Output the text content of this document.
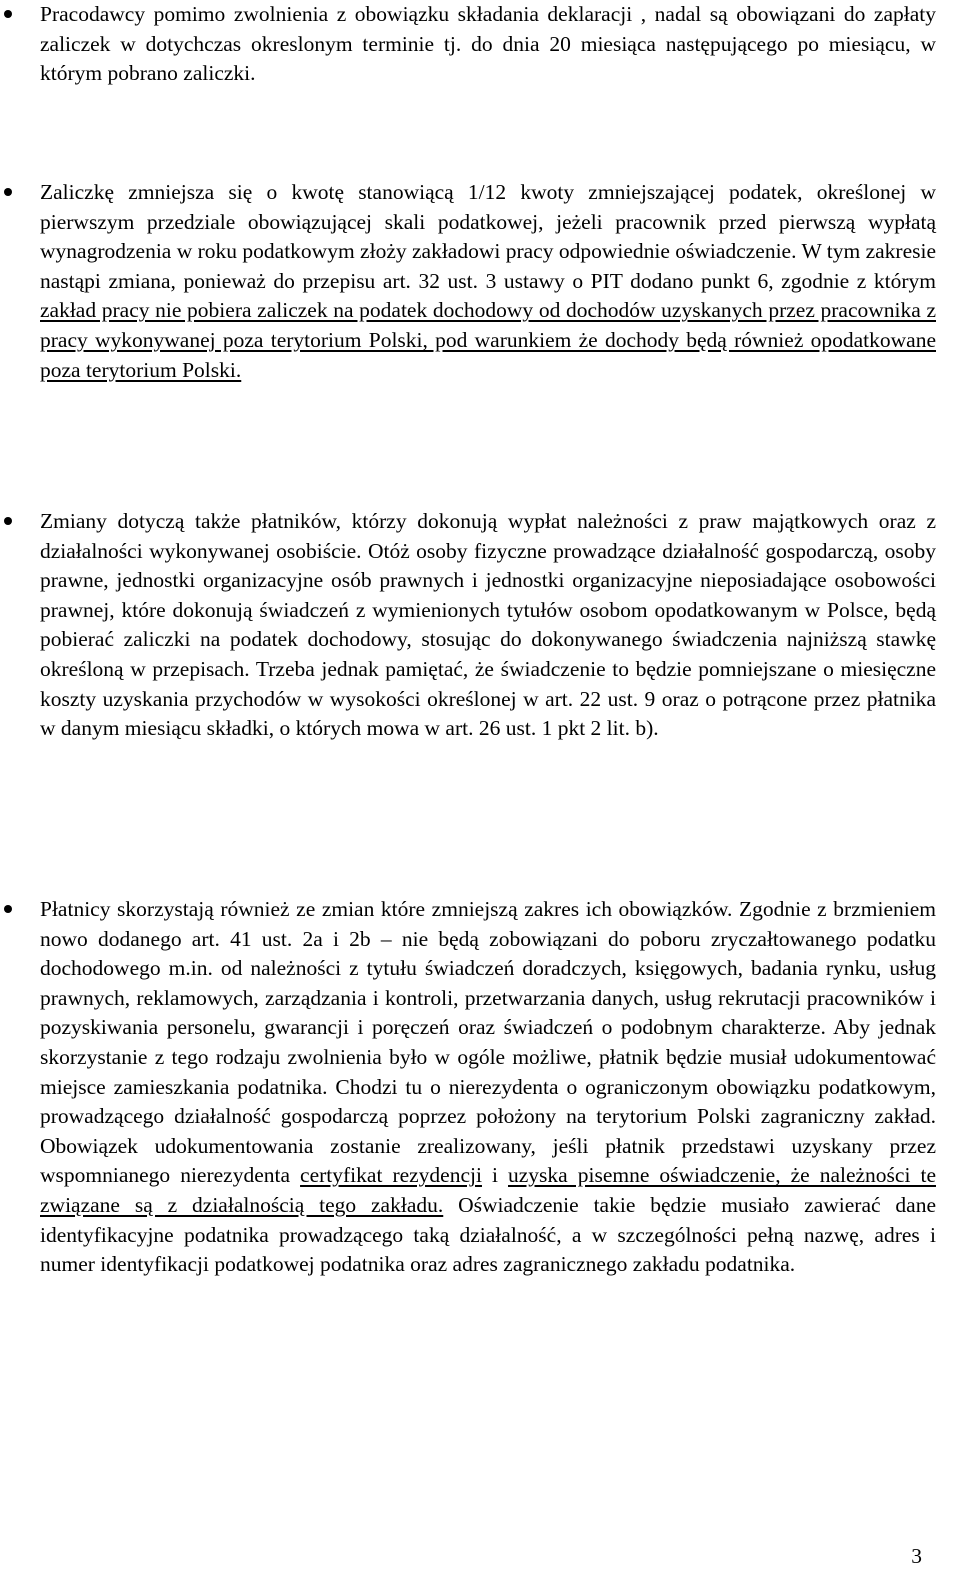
Pracodawcy pomimo zwolnienia z obowiązku składania deklaracji , nadal są obowiązani do zapłaty zaliczek w dotychczas okreslonym terminie tj. do dnia 20 miesiąca następującego po miesiącu, w którym pobrano zaliczki.

Zaliczkę zmniejsza się o kwotę stanowiącą 1/12 kwoty zmniejszającej podatek, określonej w pierwszym przedziale obowiązującej skali podatkowej, jeżeli pracownik przed pierwszą wypłatą wynagrodzenia w roku podatkowym złoży zakładowi pracy odpowiednie oświadczenie. W tym zakresie nastąpi zmiana, ponieważ do przepisu art. 32 ust. 3 ustawy o PIT dodano punkt 6, zgodnie z którym zakład pracy nie pobiera zaliczek na podatek dochodowy od dochodów uzyskanych przez pracownika z pracy wykonywanej poza terytorium Polski, pod warunkiem że dochody będą również opodatkowane poza terytorium Polski.

Zmiany dotyczą także płatników, którzy dokonują wypłat należności z praw majątkowych oraz z działalności wykonywanej osobiście. Otóż osoby fizyczne prowadzące działalność gospodarczą, osoby prawne, jednostki organizacyjne osób prawnych i jednostki organizacyjne nieposiadające osobowości prawnej, które dokonują świadczeń z wymienionych tytułów osobom opodatkowanym w Polsce, będą pobierać zaliczki na podatek dochodowy, stosując do dokonywanego świadczenia najniższą stawkę określoną w przepisach. Trzeba jednak pamiętać, że świadczenie to będzie pomniejszane o miesięczne koszty uzyskania przychodów w wysokości określonej w art. 22 ust. 9 oraz o potrącone przez płatnika w danym miesiącu składki, o których mowa w art. 26 ust. 1 pkt 2 lit. b).

Płatnicy skorzystają również ze zmian które zmniejszą zakres ich obowiązków. Zgodnie z brzmieniem nowo dodanego art. 41 ust. 2a i 2b – nie będą zobowiązani do poboru zryczałtowanego podatku dochodowego m.in. od należności z tytułu świadczeń doradczych, księgowych, badania rynku, usług prawnych, reklamowych, zarządzania i kontroli, przetwarzania danych, usług rekrutacji pracowników i pozyskiwania personelu, gwarancji i poręczeń oraz świadczeń o podobnym charakterze. Aby jednak skorzystanie z tego rodzaju zwolnienia było w ogóle możliwe, płatnik będzie musiał udokumentować miejsce zamieszkania podatnika. Chodzi tu o nierezydenta o ograniczonym obowiązku podatkowym, prowadzącego działalność gospodarczą poprzez położony na terytorium Polski zagraniczny zakład. Obowiązek udokumentowania zostanie zrealizowany, jeśli płatnik przedstawi uzyskany przez wspomnianego nierezydenta certyfikat rezydencji i uzyska pisemne oświadczenie, że należności te związane są z działalnością tego zakładu. Oświadczenie takie będzie musiało zawierać dane identyfikacyjne podatnika prowadzącego taką działalność, a w szczególności pełną nazwę, adres i numer identyfikacji podatkowej podatnika oraz adres zagranicznego zakładu podatnika.

3
